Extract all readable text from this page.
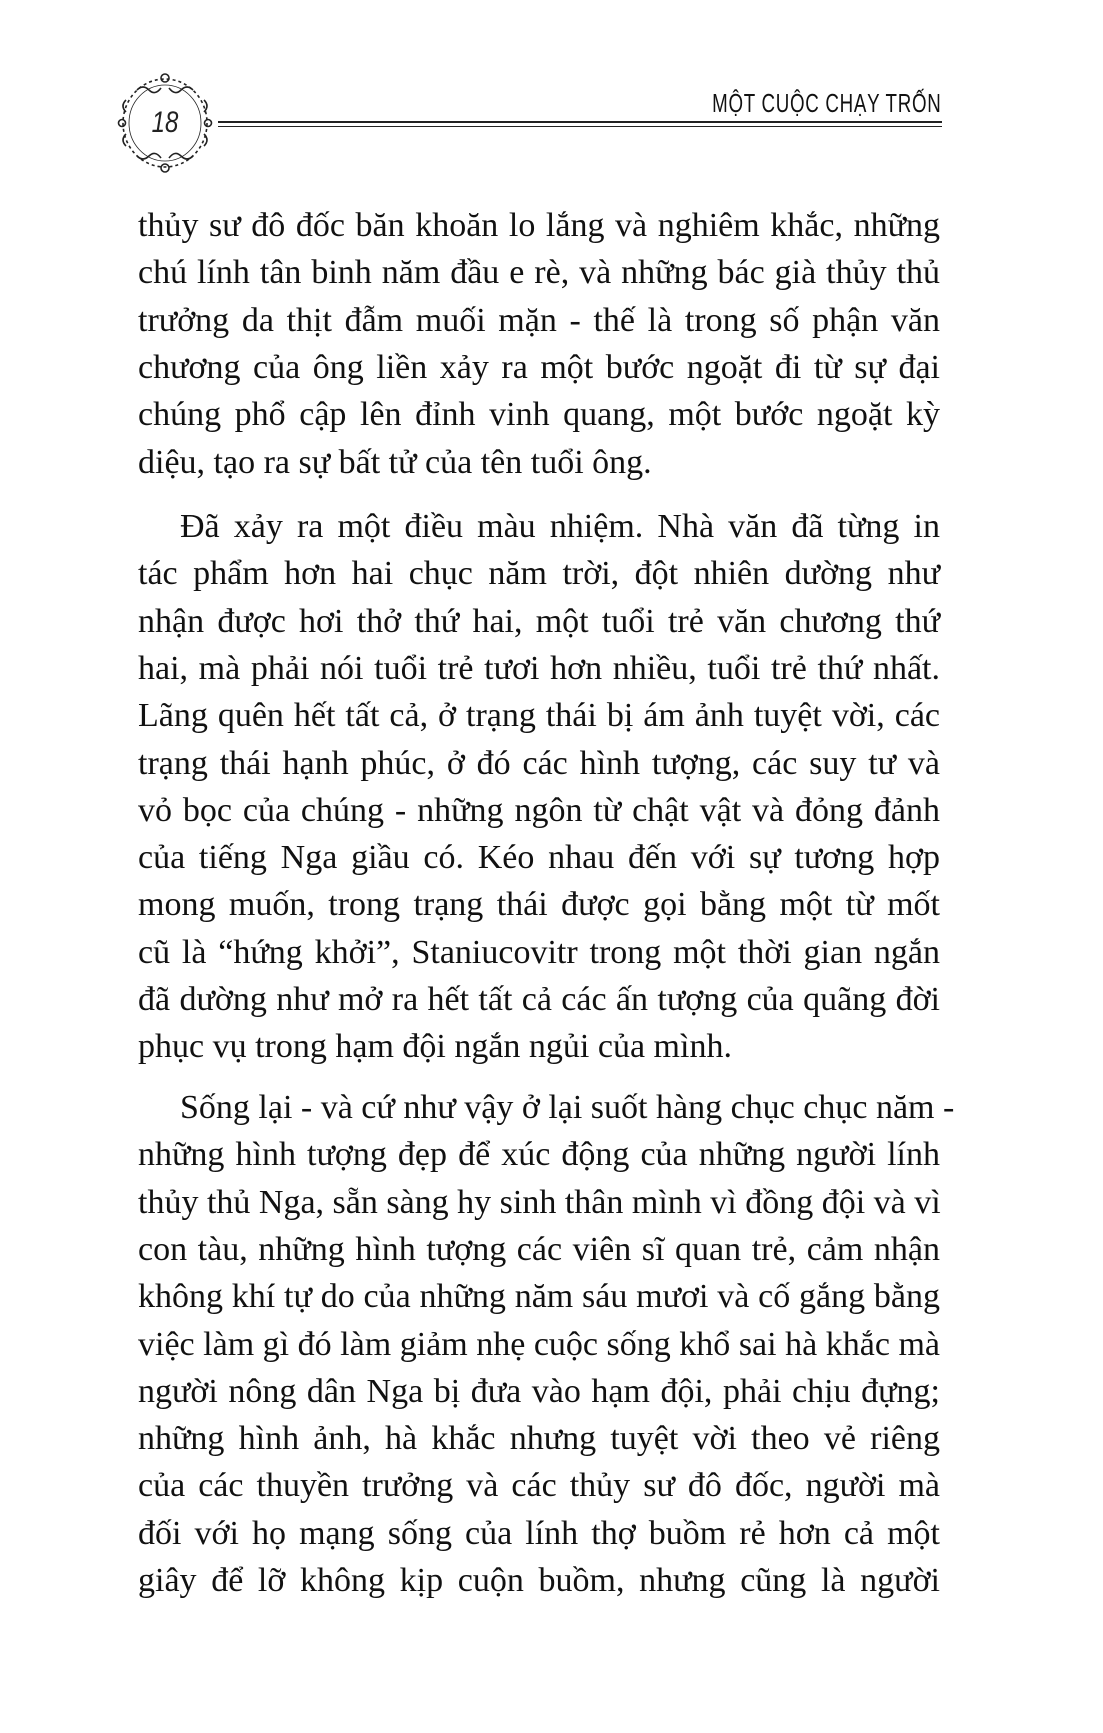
18
MỘT CUỘC CHẠY TRỐN
thủy sư đô đốc băn khoăn lo lắng và nghiêm khắc, những
chú lính tân binh năm đầu e rè, và những bác già thủy thủ
trưởng da thịt đẫm muối mặn - thế là trong số phận văn
chương của ông liền xảy ra một bước ngoặt đi từ sự đại
chúng phổ cập lên đỉnh vinh quang, một bước ngoặt kỳ
diệu, tạo ra sự bất tử của tên tuổi ông.
Đã xảy ra một điều màu nhiệm. Nhà văn đã từng in
tác phẩm hơn hai chục năm trời, đột nhiên dường như
nhận được hơi thở thứ hai, một tuổi trẻ văn chương thứ
hai, mà phải nói tuổi trẻ tươi hơn nhiều, tuổi trẻ thứ nhất.
Lãng quên hết tất cả, ở trạng thái bị ám ảnh tuyệt vời, các
trạng thái hạnh phúc, ở đó các hình tượng, các suy tư và
vỏ bọc của chúng - những ngôn từ chật vật và đỏng đảnh
của tiếng Nga giầu có. Kéo nhau đến với sự tương hợp
mong muốn, trong trạng thái được gọi bằng một từ mốt
cũ là “hứng khởi”, Staniucovitr trong một thời gian ngắn
đã dường như mở ra hết tất cả các ấn tượng của quãng đời
phục vụ trong hạm đội ngắn ngủi của mình.
Sống lại - và cứ như vậy ở lại suốt hàng chục chục năm -
những hình tượng đẹp để xúc động của những người lính
thủy thủ Nga, sẵn sàng hy sinh thân mình vì đồng đội và vì
con tàu, những hình tượng các viên sĩ quan trẻ, cảm nhận
không khí tự do của những năm sáu mươi và cố gắng bằng
việc làm gì đó làm giảm nhẹ cuộc sống khổ sai hà khắc mà
người nông dân Nga bị đưa vào hạm đội, phải chịu đựng;
những hình ảnh, hà khắc nhưng tuyệt vời theo vẻ riêng
của các thuyền trưởng và các thủy sư đô đốc, người mà
đối với họ mạng sống của lính thợ buồm rẻ hơn cả một
giây để lỡ không kịp cuộn buồm, nhưng cũng là người
